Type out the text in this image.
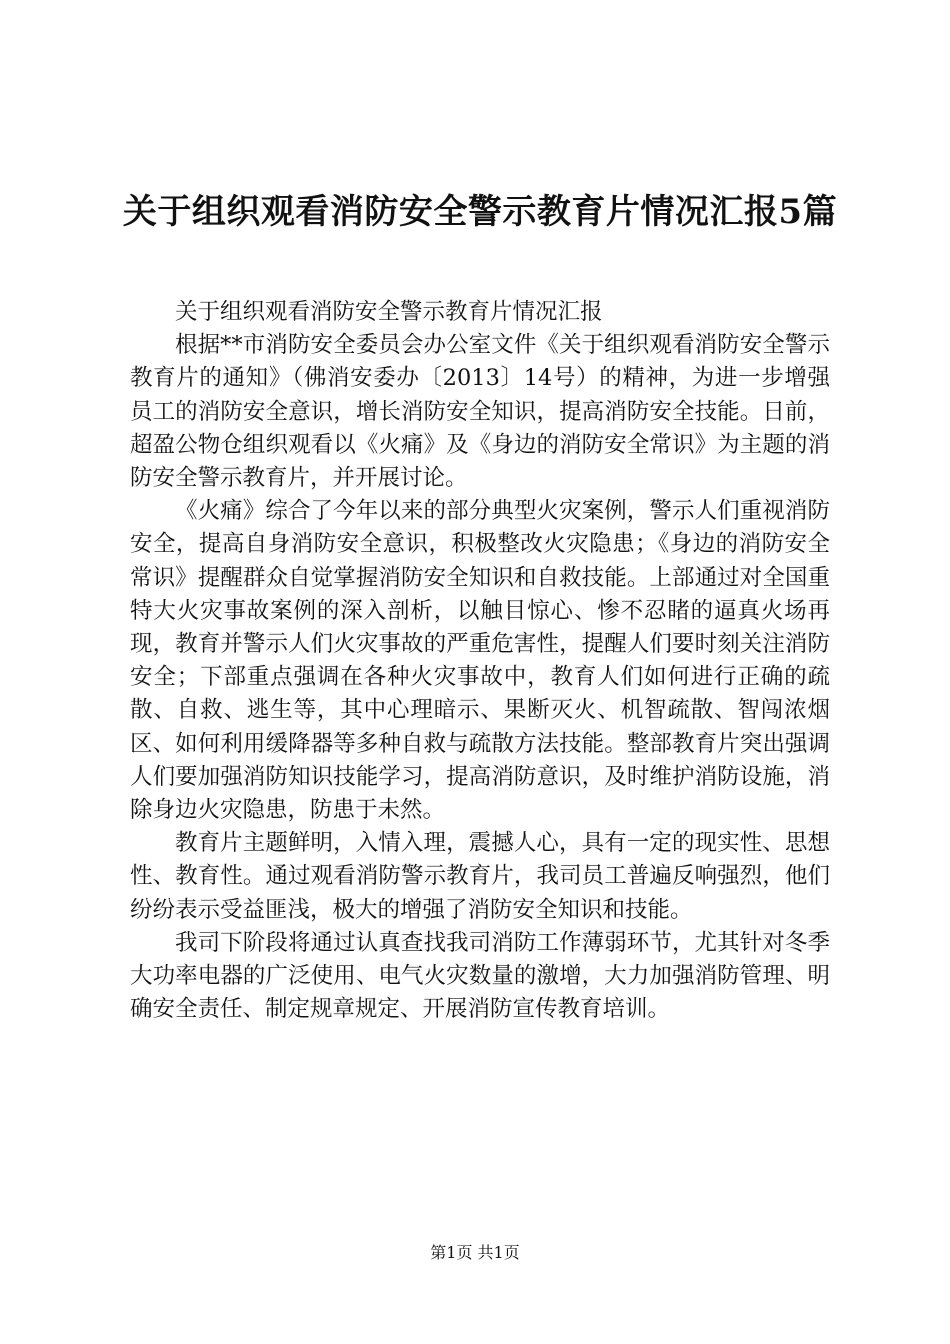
关于组织观看消防安全警示教育片情况汇报5篇

关于组织观看消防安全警示教育片情况汇报

根据**市消防安全委员会办公室文件《关于组织观看消防安全警示教育片的通知》（佛消安委办〔2013〕14号）的精神，为进一步增强员工的消防安全意识，增长消防安全知识，提高消防安全技能。日前，超盈公物仓组织观看以《火痛》及《身边的消防安全常识》为主题的消防安全警示教育片，并开展讨论。

《火痛》综合了今年以来的部分典型火灾案例，警示人们重视消防安全，提高自身消防安全意识，积极整改火灾隐患；《身边的消防安全常识》提醒群众自觉掌握消防安全知识和自救技能。上部通过对全国重特大火灾事故案例的深入剖析，以触目惊心、惨不忍睹的逼真火场再现，教育并警示人们火灾事故的严重危害性，提醒人们要时刻关注消防安全；下部重点强调在各种火灾事故中，教育人们如何进行正确的疏散、自救、逃生等，其中心理暗示、果断灭火、机智疏散、智闯浓烟区、如何利用缓降器等多种自救与疏散方法技能。整部教育片突出强调人们要加强消防知识技能学习，提高消防意识，及时维护消防设施，消除身边火灾隐患，防患于未然。

教育片主题鲜明，入情入理，震撼人心，具有一定的现实性、思想性、教育性。通过观看消防警示教育片，我司员工普遍反响强烈，他们纷纷表示受益匪浅，极大的增强了消防安全知识和技能。

我司下阶段将通过认真查找我司消防工作薄弱环节，尤其针对冬季大功率电器的广泛使用、电气火灾数量的激增，大力加强消防管理、明确安全责任、制定规章规定、开展消防宣传教育培训。

第1页 共1页
